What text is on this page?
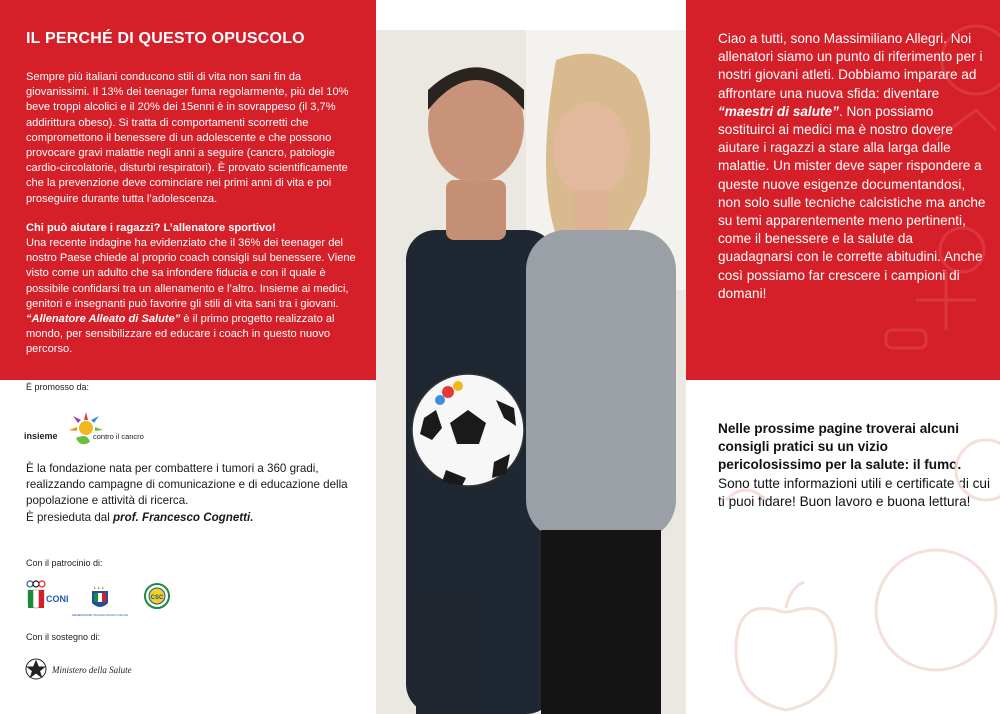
IL PERCHÉ DI QUESTO OPUSCOLO

Sempre più italiani conducono stili di vita non sani fin da giovanissimi. Il 13% dei teenager fuma regolarmente, più del 10% beve troppi alcolici e il 20% dei 15enni è in sovrappeso (il 3,7% addirittura obeso). Si tratta di comportamenti scorretti che compromettono il benessere di un adolescente e che possono provocare gravi malattie negli anni a seguire (cancro, patologie cardio-circolatorie, disturbi respiratori). È provato scientificamente che la prevenzione deve cominciare nei primi anni di vita e poi proseguire durante tutta l’adolescenza.

Chi può aiutare i ragazzi? L’allenatore sportivo!

Una recente indagine ha evidenziato che il 36% dei teenager del nostro Paese chiede al proprio coach consigli sul benessere. Viene visto come un adulto che sa infondere fiducia e con il quale è possibile confidarsi tra un allenamento e l’altro. Insieme ai medici, genitori e insegnanti può favorire gli stili di vita sani tra i giovani.
“Allenatore Alleato di Salute” è il primo progetto realizzato al mondo, per sensibilizzare ed educare i coach in questo nuovo percorso.

È promosso da:
insieme	contro il cancro

È la fondazione nata per combattere i tumori a 360 gradi, realizzando campagne di comunicazione e di educazione della popolazione e attività di ricerca.
È presieduta dal prof. Francesco Cognetti.

Con il patrocinio di:
CONI
FEDERAZIONE ITALIANA GIUOCO CALCIO
CSC
Con il sostegno di:
Ministero della Salute
Ciao a tutti, sono Massimiliano Allegri. Noi allenatori siamo un punto di riferimento per i nostri giovani atleti. Dobbiamo imparare ad affrontare una nuova sfida: diventare
“maestri di salute”. Non possiamo sostituirci ai medici ma è nostro dovere aiutare i ragazzi a stare alla larga dalle malattie. Un mister deve saper rispondere a queste nuove esigenze documentandosi, non solo sulle tecniche calcistiche ma anche su temi apparentemente meno pertinenti, come il benessere e la salute da guadagnarsi con le corrette abitudini. Anche così possiamo far crescere i campioni di domani!
Nelle prossime pagine troverai alcuni consigli pratici su un vizio pericolosissimo per la salute: il fumo. Sono tutte informazioni utili e certificate di cui ti puoi fidare! Buon lavoro e buona lettura!
